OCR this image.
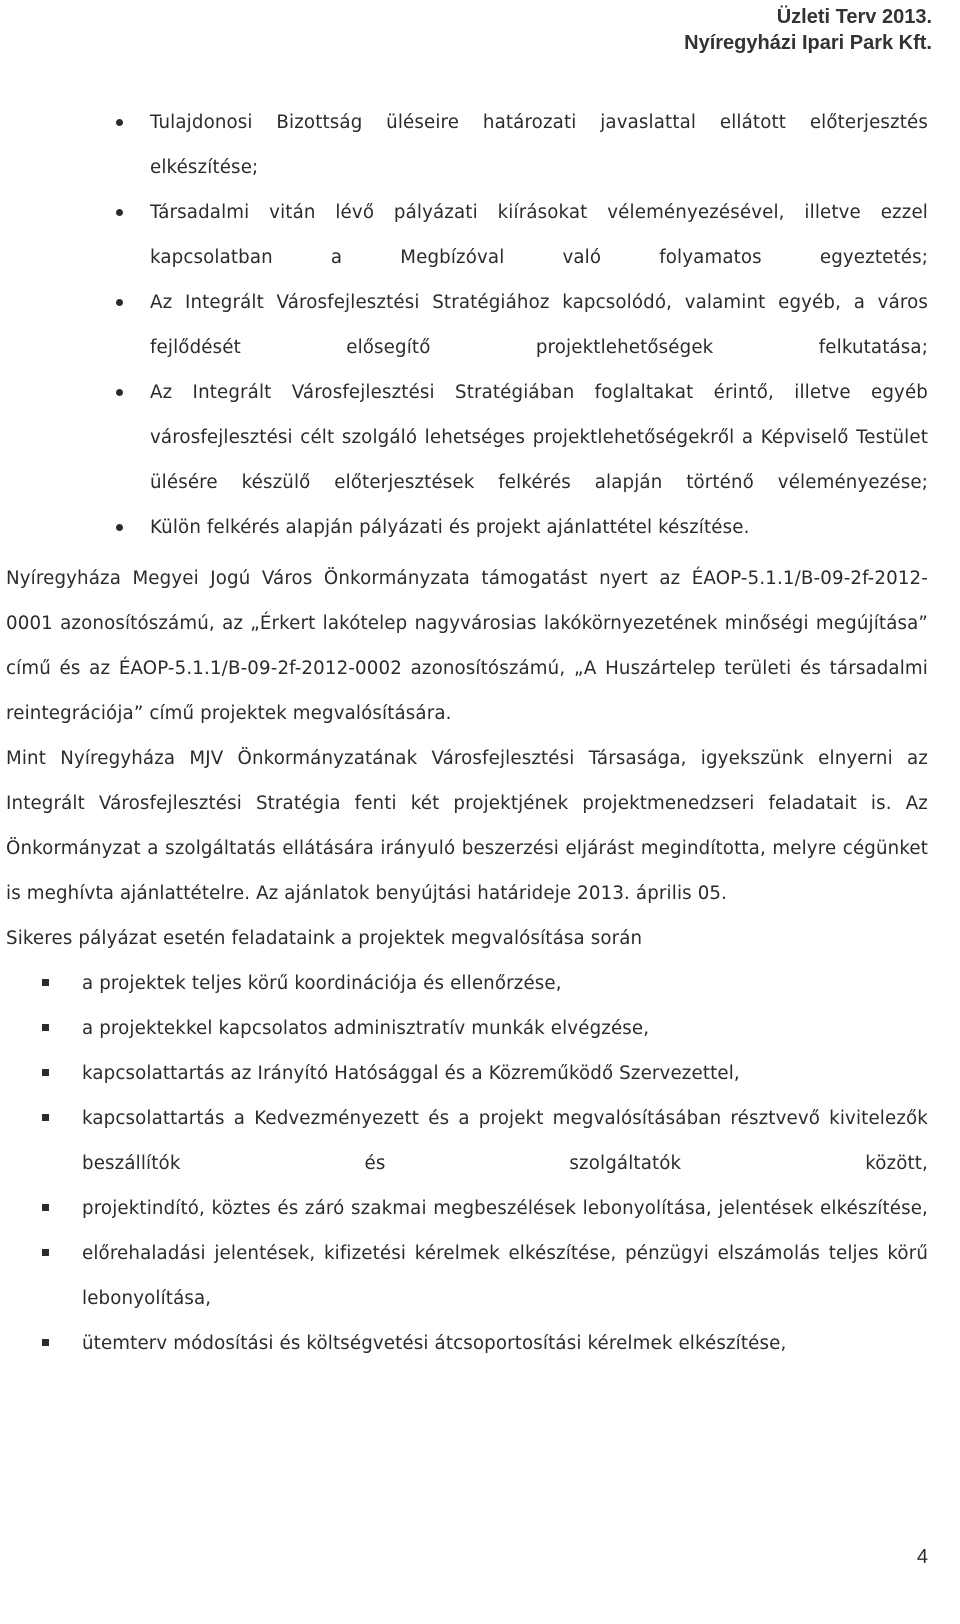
Üzleti Terv 2013.
Nyíregyházi Ipari Park Kft.
Tulajdonosi Bizottság üléseire határozati javaslattal ellátott előterjesztés elkészítése;
Társadalmi vitán lévő pályázati kiírásokat véleményezésével, illetve ezzel kapcsolatban a Megbízóval való folyamatos egyeztetés;
Az Integrált Városfejlesztési Stratégiához kapcsolódó, valamint egyéb, a város fejlődését elősegítő projektlehetőségek felkutatása;
Az Integrált Városfejlesztési Stratégiában foglaltakat érintő, illetve egyéb városfejlesztési célt szolgáló lehetséges projektlehetőségekről a Képviselő Testület ülésére készülő előterjesztések felkérés alapján történő véleményezése;
Külön felkérés alapján pályázati és projekt ajánlattétel készítése.

Nyíregyháza Megyei Jogú Város Önkormányzata támogatást nyert az ÉAOP-5.1.1/B-09-2f-2012-0001 azonosítószámú, az „Érkert lakótelep nagyvárosias lakókörnyezetének minőségi megújítása” című és az ÉAOP-5.1.1/B-09-2f-2012-0002 azonosítószámú, „A Huszártelep területi és társadalmi reintegrációja” című projektek megvalósítására.

Mint Nyíregyháza MJV Önkormányzatának Városfejlesztési Társasága, igyekszünk elnyerni az Integrált Városfejlesztési Stratégia fenti két projektjének projektmenedzseri feladatait is. Az Önkormányzat a szolgáltatás ellátására irányuló beszerzési eljárást megindította, melyre cégünket is meghívta ajánlattételre. Az ajánlatok benyújtási határideje 2013. április 05.

Sikeres pályázat esetén feladataink a projektek megvalósítása során

a projektek teljes körű koordinációja és ellenőrzése,
a projektekkel kapcsolatos adminisztratív munkák elvégzése,
kapcsolattartás az Irányító Hatósággal és a Közreműködő Szervezettel,
kapcsolattartás a Kedvezményezett és a projekt megvalósításában résztvevő kivitelezők beszállítók és szolgáltatók között,
projektindító, köztes és záró szakmai megbeszélések lebonyolítása, jelentések elkészítése,
előrehaladási jelentések, kifizetési kérelmek elkészítése, pénzügyi elszámolás teljes körű lebonyolítása,
ütemterv módosítási és költségvetési átcsoportosítási kérelmek elkészítése,
4
